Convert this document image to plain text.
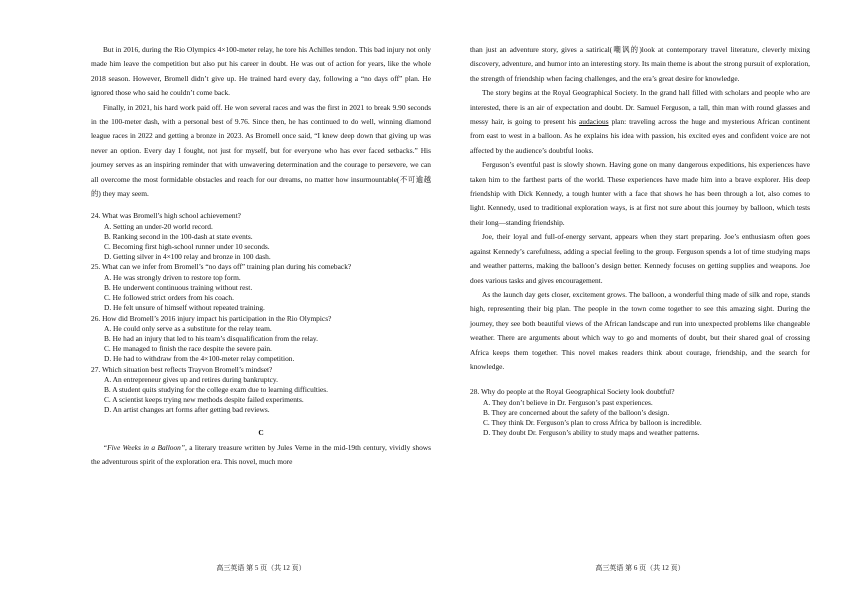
But in 2016, during the Rio Olympics 4×100-meter relay, he tore his Achilles tendon. This bad injury not only made him leave the competition but also put his career in doubt. He was out of action for years, like the whole 2018 season. However, Bromell didn’t give up. He trained hard every day, following a “no days off” plan. He ignored those who said he couldn’t come back.

Finally, in 2021, his hard work paid off. He won several races and was the first in 2021 to break 9.90 seconds in the 100-meter dash, with a personal best of 9.76. Since then, he has continued to do well, winning diamond league races in 2022 and getting a bronze in 2023. As Bromell once said, “I knew deep down that giving up was never an option. Every day I fought, not just for myself, but for everyone who has ever faced setbacks.” His journey serves as an inspiring reminder that with unwavering determination and the courage to persevere, we can all overcome the most formidable obstacles and reach for our dreams, no matter how insurmountable(不可逾越的) they may seem.

24. What was Bromell’s high school achievement?

A. Setting an under-20 world record.

B. Ranking second in the 100-dash at state events.

C. Becoming first high-school runner under 10 seconds.

D. Getting silver in 4×100 relay and bronze in 100 dash.

25. What can we infer from Bromell’s “no days off” training plan during his comeback?

A. He was strongly driven to restore top form.

B. He underwent continuous training without rest.

C. He followed strict orders from his coach.

D. He felt unsure of himself without repeated training.

26. How did Bromell’s 2016 injury impact his participation in the Rio Olympics?

A. He could only serve as a substitute for the relay team.

B. He had an injury that led to his team’s disqualification from the relay.

C. He managed to finish the race despite the severe pain.

D. He had to withdraw from the 4×100-meter relay competition.

27. Which situation best reflects Trayvon Bromell’s mindset?

A. An entrepreneur gives up and retires during bankruptcy.

B. A student quits studying for the college exam due to learning difficulties.

C. A scientist keeps trying new methods despite failed experiments.

D. An artist changes art forms after getting bad reviews.

C

“Five Weeks in a Balloon”, a literary treasure written by Jules Verne in the mid-19th century, vividly shows the adventurous spirit of the exploration era. This novel, much more

than just an adventure story, gives a satirical(嘲讽的)look at contemporary travel literature, cleverly mixing discovery, adventure, and humor into an interesting story. Its main theme is about the strong pursuit of exploration, the strength of friendship when facing challenges, and the era’s great desire for knowledge.

The story begins at the Royal Geographical Society. In the grand hall filled with scholars and people who are interested, there is an air of expectation and doubt. Dr. Samuel Ferguson, a tall, thin man with round glasses and messy hair, is going to present his audacious plan: traveling across the huge and mysterious African continent from east to west in a balloon. As he explains his idea with passion, his excited eyes and confident voice are not affected by the audience’s doubtful looks.

Ferguson’s eventful past is slowly shown. Having gone on many dangerous expeditions, his experiences have taken him to the farthest parts of the world. These experiences have made him into a brave explorer. His deep friendship with Dick Kennedy, a tough hunter with a face that shows he has been through a lot, also comes to light. Kennedy, used to traditional exploration ways, is at first not sure about this journey by balloon, which tests their long—standing friendship.

Joe, their loyal and full-of-energy servant, appears when they start preparing. Joe’s enthusiasm often goes against Kennedy’s carefulness, adding a special feeling to the group. Ferguson spends a lot of time studying maps and weather patterns, making the balloon’s design better. Kennedy focuses on getting supplies and weapons. Joe does various tasks and gives encouragement.

As the launch day gets closer, excitement grows. The balloon, a wonderful thing made of silk and rope, stands high, representing their big plan. The people in the town come together to see this amazing sight. During the journey, they see both beautiful views of the African landscape and run into unexpected problems like changeable weather. There are arguments about which way to go and moments of doubt, but their shared goal of crossing Africa keeps them together. This novel makes readers think about courage, friendship, and the search for knowledge.

28. Why do people at the Royal Geographical Society look doubtful?

A. They don’t believe in Dr. Ferguson’s past experiences.

B. They are concerned about the safety of the balloon’s design.

C. They think Dr. Ferguson’s plan to cross Africa by balloon is incredible.

D. They doubt Dr. Ferguson’s ability to study maps and weather patterns.

高三英语 第 5 页（共 12 页）	高三英语 第 6 页（共 12 页）
